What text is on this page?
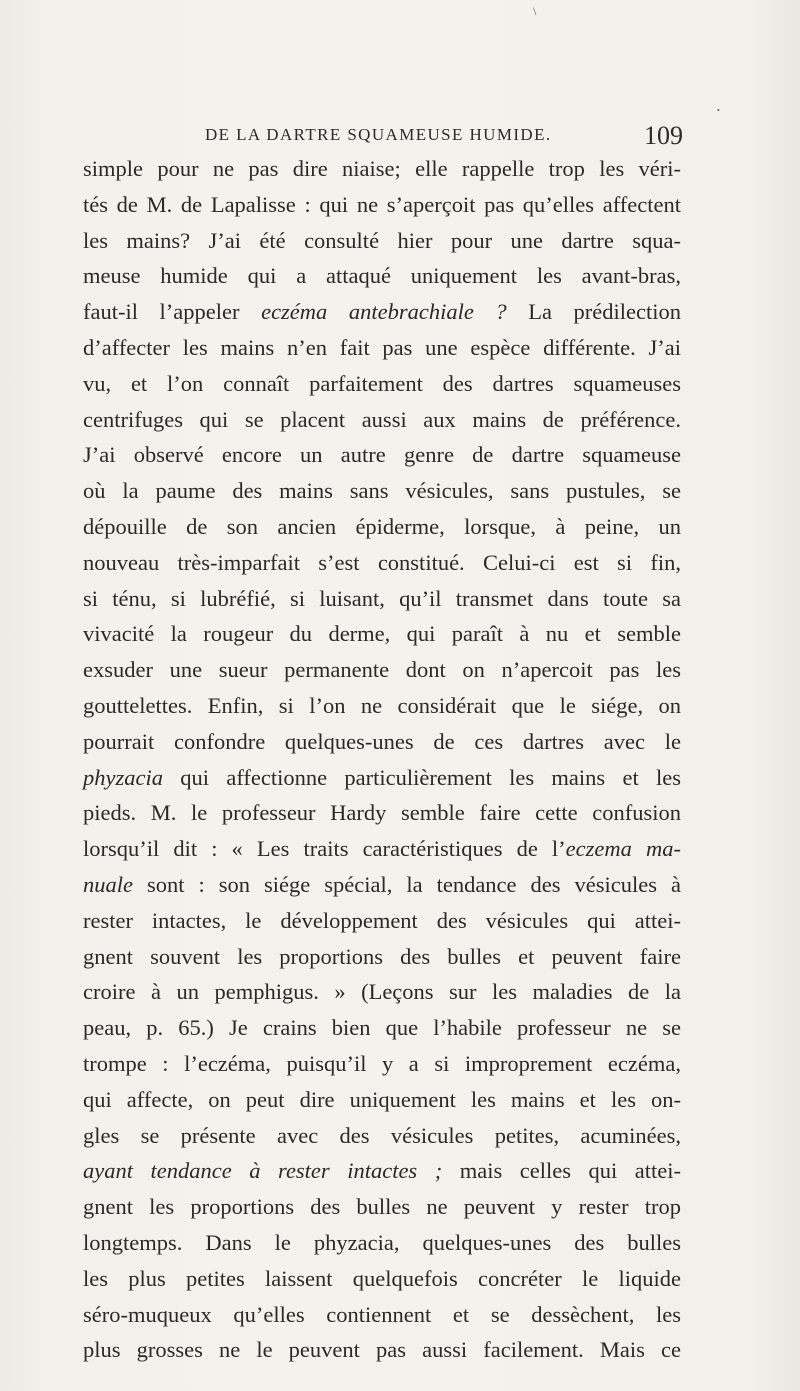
DE LA DARTRE SQUAMEUSE HUMIDE.	109
simple pour ne pas dire niaise; elle rappelle trop les véri-
tés de M. de Lapalisse : qui ne s’aperçoit pas qu’elles affectent
les mains? J’ai été consulté hier pour une dartre squa-
meuse humide qui a attaqué uniquement les avant-bras,
faut-il l’appeler eczéma antebrachiale ? La prédilection
d’affecter les mains n’en fait pas une espèce différente. J’ai
vu, et l’on connaît parfaitement des dartres squameuses
centrifuges qui se placent aussi aux mains de préférence.
J’ai observé encore un autre genre de dartre squameuse
où la paume des mains sans vésicules, sans pustules, se
dépouille de son ancien épiderme, lorsque, à peine, un
nouveau très-imparfait s’est constitué. Celui-ci est si fin,
si ténu, si lubréfié, si luisant, qu’il transmet dans toute sa
vivacité la rougeur du derme, qui paraît à nu et semble
exsuder une sueur permanente dont on n’apercoit pas les
gouttelettes. Enfin, si l’on ne considérait que le siége, on
pourrait confondre quelques-unes de ces dartres avec le
phyzacia qui affectionne particulièrement les mains et les
pieds. M. le professeur Hardy semble faire cette confusion
lorsqu’il dit : « Les traits caractéristiques de l’eczema ma-
nuale sont : son siége spécial, la tendance des vésicules à
rester intactes, le développement des vésicules qui attei-
gnent souvent les proportions des bulles et peuvent faire
croire à un pemphigus. » (Leçons sur les maladies de la
peau, p. 65.) Je crains bien que l’habile professeur ne se
trompe : l’eczéma, puisqu’il y a si improprement eczéma,
qui affecte, on peut dire uniquement les mains et les on-
gles se présente avec des vésicules petites, acuminées,
ayant tendance à rester intactes ; mais celles qui attei-
gnent les proportions des bulles ne peuvent y rester trop
longtemps. Dans le phyzacia, quelques-unes des bulles
les plus petites laissent quelquefois concréter le liquide
séro-muqueux qu’elles contiennent et se dessèchent, les
plus grosses ne le peuvent pas aussi facilement. Mais ce
\
•
